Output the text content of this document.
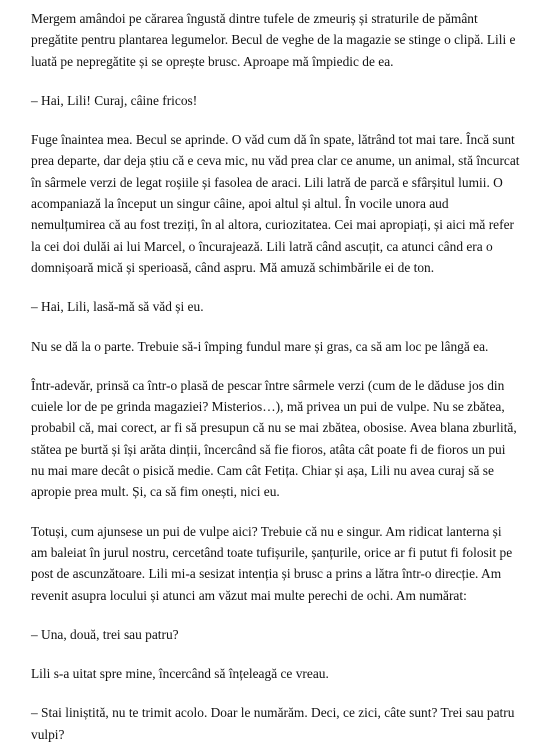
Mergem amândoi pe cărarea îngustă dintre tufele de zmeuriș și straturile de pământ pregătite pentru plantarea legumelor. Becul de veghe de la magazie se stinge o clipă. Lili e luată pe nepregătite și se oprește brusc. Aproape mă împiedic de ea.

– Hai, Lili! Curaj, câine fricos!

Fuge înaintea mea. Becul se aprinde. O văd cum dă în spate, lătrând tot mai tare. Încă sunt prea departe, dar deja știu că e ceva mic, nu văd prea clar ce anume, un animal, stă încurcat în sârmele verzi de legat roșiile și fasolea de araci. Lili latră de parcă e sfârșitul lumii. O acompaniază la început un singur câine, apoi altul și altul. În vocile unora aud nemulțumirea că au fost treziți, în al altora, curiozitatea. Cei mai apropiați, și aici mă refer la cei doi dulăi ai lui Marcel, o încurajează. Lili latră când ascuțit, ca atunci când era o domnișoară mică și sperioasă, când aspru. Mă amuză schimbările ei de ton.

– Hai, Lili, lasă-mă să văd și eu.

Nu se dă la o parte. Trebuie să-i împing fundul mare și gras, ca să am loc pe lângă ea.

Într-adevăr, prinsă ca într-o plasă de pescar între sârmele verzi (cum de le dăduse jos din cuiele lor de pe grinda magaziei? Misterios…), mă privea un pui de vulpe. Nu se zbătea, probabil că, mai corect, ar fi să presupun că nu se mai zbătea, obosise. Avea blana zburlită, stătea pe burtă și își arăta dinții, încercând să fie fioros, atâta cât poate fi de fioros un pui nu mai mare decât o pisică medie. Cam cât Fetița. Chiar și așa, Lili nu avea curaj să se apropie prea mult. Și, ca să fim onești, nici eu.

Totuși, cum ajunsese un pui de vulpe aici? Trebuie că nu e singur. Am ridicat lanterna și am baleiat în jurul nostru, cercetând toate tufișurile, șanțurile, orice ar fi putut fi folosit pe post de ascunzătoare. Lili mi-a sesizat intenția și brusc a prins a lătra într-o direcție. Am revenit asupra locului și atunci am văzut mai multe perechi de ochi. Am numărat:

– Una, două, trei sau patru?

Lili s-a uitat spre mine, încercând să înțeleagă ce vreau.

– Stai liniștită, nu te trimit acolo. Doar le numărăm. Deci, ce zici, câte sunt? Trei sau patru vulpi?
